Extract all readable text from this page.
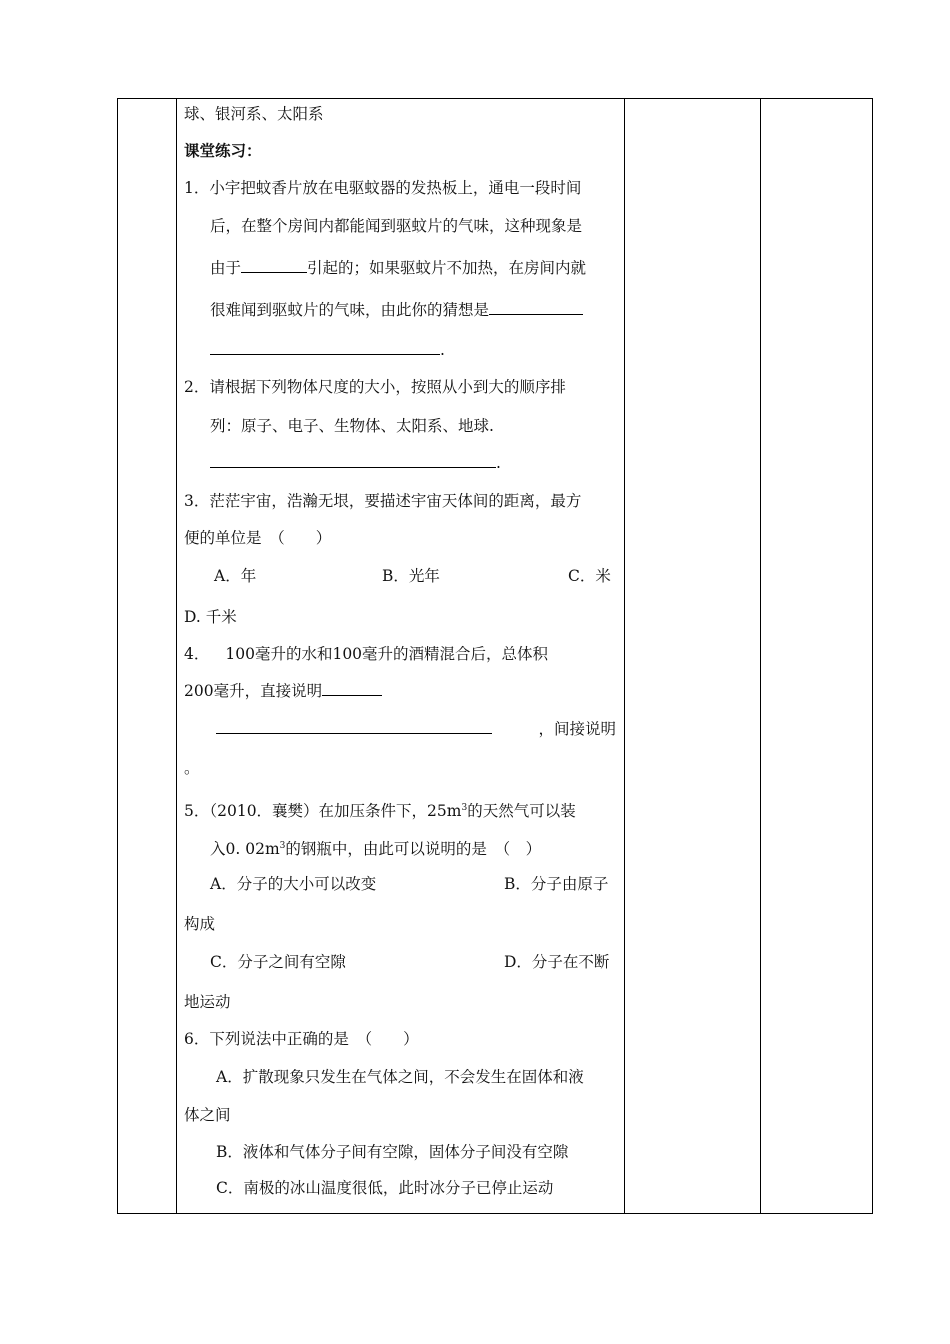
球、银河系、太阳系
课堂练习：
1．小宇把蚊香片放在电驱蚊器的发热板上，通电一段时间
后，在整个房间内都能闻到驱蚊片的气味，这种现象是
由于	引起的；如果驱蚊片不加热，在房间内就
很难闻到驱蚊片的气味，由此你的猜想是
.
2．请根据下列物体尺度的大小，按照从小到大的顺序排
列：原子、电子、生物体、太阳系、地球.
.
3．茫茫宇宙，浩瀚无垠，要描述宇宙天体间的距离，最方
便的单位是　（　　）
A．年	B．光年	C．米
D. 千米
4． 100毫升的水和100毫升的酒精混合后，总体积
200毫升，直接说明
，间接说明
。
5．（2010．襄樊）在加压条件下，$25m^3$的天然气可以装
入0. $02m^3$的钢瓶中，由此可以说明的是　（　）
A．分子的大小可以改变	B．分子由原子
构成
C．分子之间有空隙	D．分子在不断
地运动
6．下列说法中正确的是　（　　）
A．扩散现象只发生在气体之间，不会发生在固体和液
体之间
B．液体和气体分子间有空隙，固体分子间没有空隙
C．南极的冰山温度很低，此时冰分子已停止运动
